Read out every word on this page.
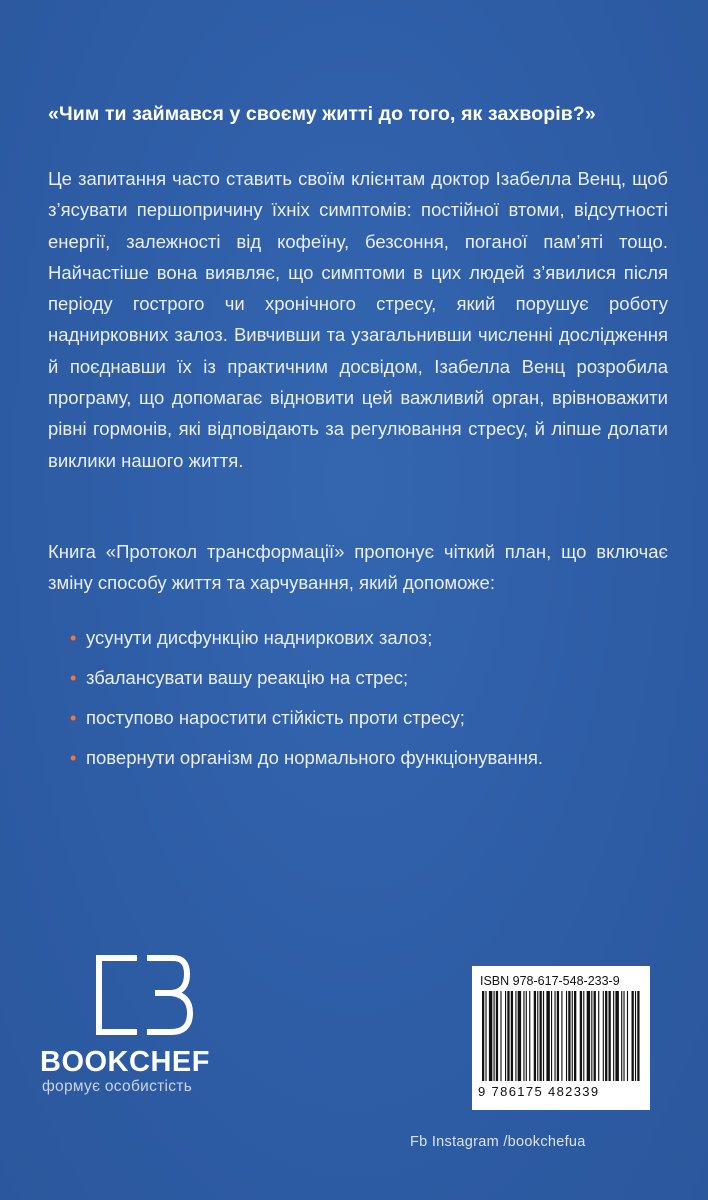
«Чим ти займався у своєму житті до того, як захворів?»
Це запитання часто ставить своїм клієнтам доктор Ізабелла Венц, щоб з’ясувати першопричину їхніх симптомів: постійної втоми, відсутності енергії, залежності від кофеїну, безсоння, поганої пам’яті тощо. Найчастіше вона виявляє, що симптоми в цих людей з’явилися після періоду гострого чи хронічного стресу, який порушує роботу наднирковних залоз. Вивчивши та узагальнивши численні дослідження й поєднавши їх із практичним досвідом, Ізабелла Венц розробила програму, що допомагає відновити цей важливий орган, врівноважити рівні гормонів, які відповідають за регулювання стресу, й ліпше долати виклики нашого життя.
Книга «Протокол трансформації» пропонує чіткий план, що включає зміну способу життя та харчування, який допоможе:
• усунути дисфункцію надниркових залоз;
• збалансувати вашу реакцію на стрес;
• поступово наростити стійкість проти стресу;
• повернути організм до нормального функціонування.
BOOKCHEF
формує особистість
ISBN 978-617-548-233-9
9 786175 482339
Fb Instagram /bookchefua
